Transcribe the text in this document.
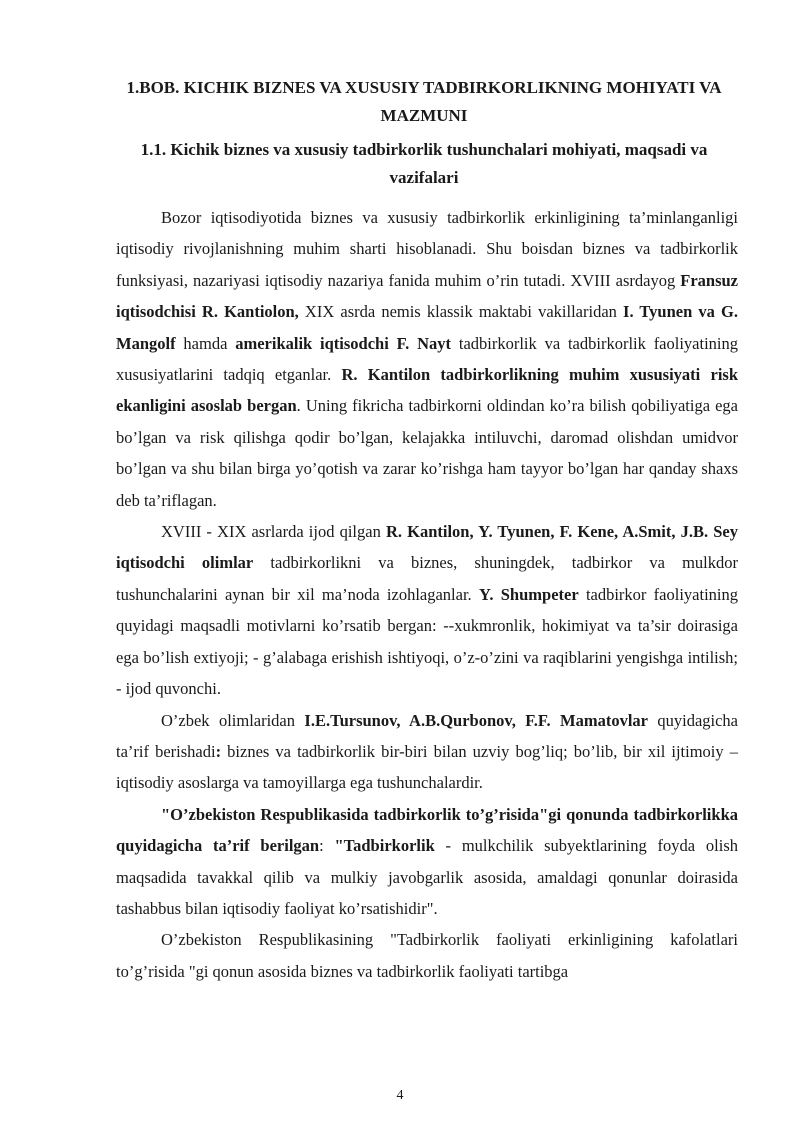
1.BOB. KICHIK BIZNES VA XUSUSIY TADBIRKORLIKNING MOHIYATI VA MAZMUNI
1.1. Kichik biznes va xususiy tadbirkorlik tushunchalari mohiyati, maqsadi va vazifalari

Bozor iqtisodiyotida biznes va xususiy tadbirkorlik erkinligining ta’minlanganligi iqtisodiy rivojlanishning muhim sharti hisoblanadi. Shu boisdan biznes va tadbirkorlik funksiyasi, nazariyasi iqtisodiy nazariya fanida muhim o’rin tutadi. XVIII asrdayog Fransuz iqtisodchisi R. Kantiolon, XIX asrda nemis klassik maktabi vakillaridan I. Tyunen va G. Mangolf hamda amerikalik iqtisodchi F. Nayt tadbirkorlik va tadbirkorlik faoliyatining xususiyatlarini tadqiq etganlar. R. Kantilon tadbirkorlikning muhim xususiyati risk ekanligini asoslab bergan. Uning fikricha tadbirkorni oldindan ko’ra bilish qobiliyatiga ega bo’lgan va risk qilishga qodir bo’lgan, kelajakka intiluvchi, daromad olishdan umidvor bo’lgan va shu bilan birga yo’qotish va zarar ko’rishga ham tayyor bo’lgan har qanday shaxs deb ta’riflagan.

XVIII - XIX asrlarda ijod qilgan R. Kantilon, Y. Tyunen, F. Kene, A.Smit, J.B. Sey iqtisodchi olimlar tadbirkorlikni va biznes, shuningdek, tadbirkor va mulkdor tushunchalarini aynan bir xil ma’noda izohlaganlar. Y. Shumpeter tadbirkor faoliyatining quyidagi maqsadli motivlarni ko’rsatib bergan: --xukmronlik, hokimiyat va ta’sir doirasiga ega bo’lish extiyoji; - g’alabaga erishish ishtiyoqi, o’z-o’zini va raqiblarini yengishga intilish; - ijod quvonchi.

O’zbek olimlaridan I.E.Tursunov, A.B.Qurbonov, F.F. Mamatovlar quyidagicha ta’rif berishadi: biznes va tadbirkorlik bir-biri bilan uzviy bog’liq; bo’lib, bir xil ijtimoiy – iqtisodiy asoslarga va tamoyillarga ega tushunchalardir.

"O’zbekiston Respublikasida tadbirkorlik to’g’risida"gi qonunda tadbirkorlikka quyidagicha ta’rif berilgan: "Tadbirkorlik - mulkchilik subyektlarining foyda olish maqsadida tavakkal qilib va mulkiy javobgarlik asosida, amaldagi qonunlar doirasida tashabbus bilan iqtisodiy faoliyat ko’rsatishidir".

O’zbekiston Respublikasining "Tadbirkorlik faoliyati erkinligining kafolatlari to’g’risida "gi qonun asosida biznes va tadbirkorlik faoliyati tartibga

4
